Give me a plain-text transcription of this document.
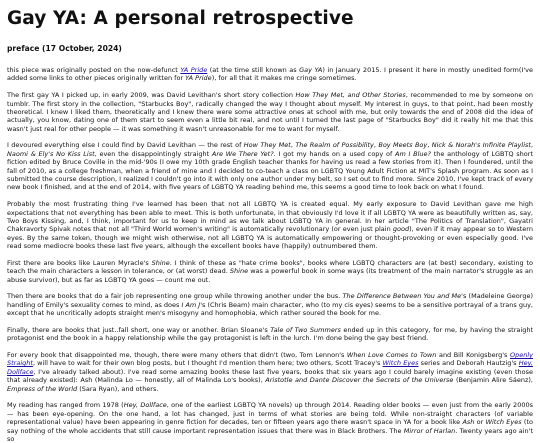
Gay YA: A personal retrospective
preface (17 October, 2024)

this piece was originally posted on the now-defunct YA Pride (at the time still known as Gay YA) in January 2015. I present it here in mostly unedited form(I've added some links to other pieces originally written for YA Pride), for all that it makes me cringe sometimes.

The first gay YA I picked up, in early 2009, was David Levithan's short story collection How They Met, and Other Stories, recommended to me by someone on tumblr. The first story in the collection, "Starbucks Boy", radically changed the way I thought about myself. My interest in guys, to that point, had been mostly theoretical. I knew I liked them, theoretically and I knew there were some attractive ones at school with me, but only towards the end of 2008 did the idea of actually, you know, dating one of them start to seem even a little bit real, and not until I turned the last page of "Starbucks Boy" did it really hit me that this wasn't just real for other people — it was something it wasn't unreasonable for me to want for myself.

I devoured everything else I could find by David Levithan — the rest of How They Met, The Realm of Possibility, Boy Meets Boy, Nick & Norah's Infinite Playlist, Naomi & Ely's No Kiss List, even the disappointingly straight Are We There Yet?. I got my hands on a used copy of Am I Blue? the anthology of LGBTQ short fiction edited by Bruce Coville in the mid-'90s (I owe my 10th grade English teacher thanks for having us read a few stories from it). Then I foundered, until the fall of 2010, as a college freshman, when a friend of mine and I decided to co-teach a class on LGBTQ Young Adult Fiction at MIT's Splash program. As soon as I submitted the course description, I realized I couldn't go into it with only one author under my belt, so I set out to find more. Since 2010, I've kept track of every new book I finished, and at the end of 2014, with five years of LGBTQ YA reading behind me, this seems a good time to look back on what I found.

Probably the most frustrating thing I've learned has been that not all LGBTQ YA is created equal. My early exposure to David Levithan gave me high expectations that not everything has been able to meet. This is both unfortunate, in that obviously I'd love it if all LGBTQ YA were as beautifully written as, say, Two Boys Kissing, and, I think, important for us to keep in mind as we talk about LGBTQ YA in general. In her article "The Politics of Translation", Gayatri Chakravorty Spivak notes that not all "Third World women's writing" is automatically revolutionary (or even just plain good), even if it may appear so to Western eyes. By the same token, though we might wish otherwise, not all LGBTQ YA is automatically empowering or thought-provoking or even especially good. I've read some mediocre books these last five years, although the excellent books have (happily) outnumbered them.

First there are books like Lauren Myracle's Shine. I think of these as "hate crime books", books where LGBTQ characters are (at best) secondary, existing to teach the main characters a lesson in tolerance, or (at worst) dead. Shine was a powerful book in some ways (its treatment of the main narrator's struggle as an abuse survivor), but as far as LGBTQ YA goes — count me out.

Then there are books that do a fair job representing one group while throwing another under the bus. The Difference Between You and Me's (Madeleine George) handling of Emily's sexuality comes to mind, as does I Am J's (Chris Beam) main character, who (to my cis eyes) seems to be a sensitive portrayal of a trans guy, except that he uncritically adopts straight men's misogyny and homophobia, which rather soured the book for me.

Finally, there are books that just..fall short, one way or another. Brian Sloane's Tale of Two Summers ended up in this category, for me, by having the straight protagonist end the book in a happy relationship while the gay protagonist is left in the lurch. I'm done being the gay best friend.

For every book that disappointed me, though, there were many others that didn't (two, Tom Lennon's When Love Comes to Town and Bill Konigsberg's Openly Straight, will have to wait for their own blog posts, but I thought I'd mention them here; two others, Scott Tracey's Witch Eyes series and Deborah Hautzig's Hey, Dollface, I've already talked about). I've read some amazing books these last five years, books that six years ago I could barely imagine existing (even those that already existed): Ash (Malinda Lo — honestly, all of Malinda Lo's books), Aristotle and Dante Discover the Secrets of the Universe (Benjamin Alire Sáenz), Empress of the World (Sara Ryan), and others.

My reading has ranged from 1978 (Hey, Dollface, one of the earliest LGBTQ YA novels) up through 2014. Reading older books — even just from the early 2000s — has been eye-opening. On the one hand, a lot has changed, just in terms of what stories are being told. While non-straight characters (of variable representational value) have been appearing in genre fiction for decades, ten or fifteen years ago there wasn't space in YA for a book like Ash or Witch Eyes (to say nothing of the whole accidents that still cause important representation issues that there was in Black Brothers. The Mirror of Harlan. Twenty years ago ain't so
